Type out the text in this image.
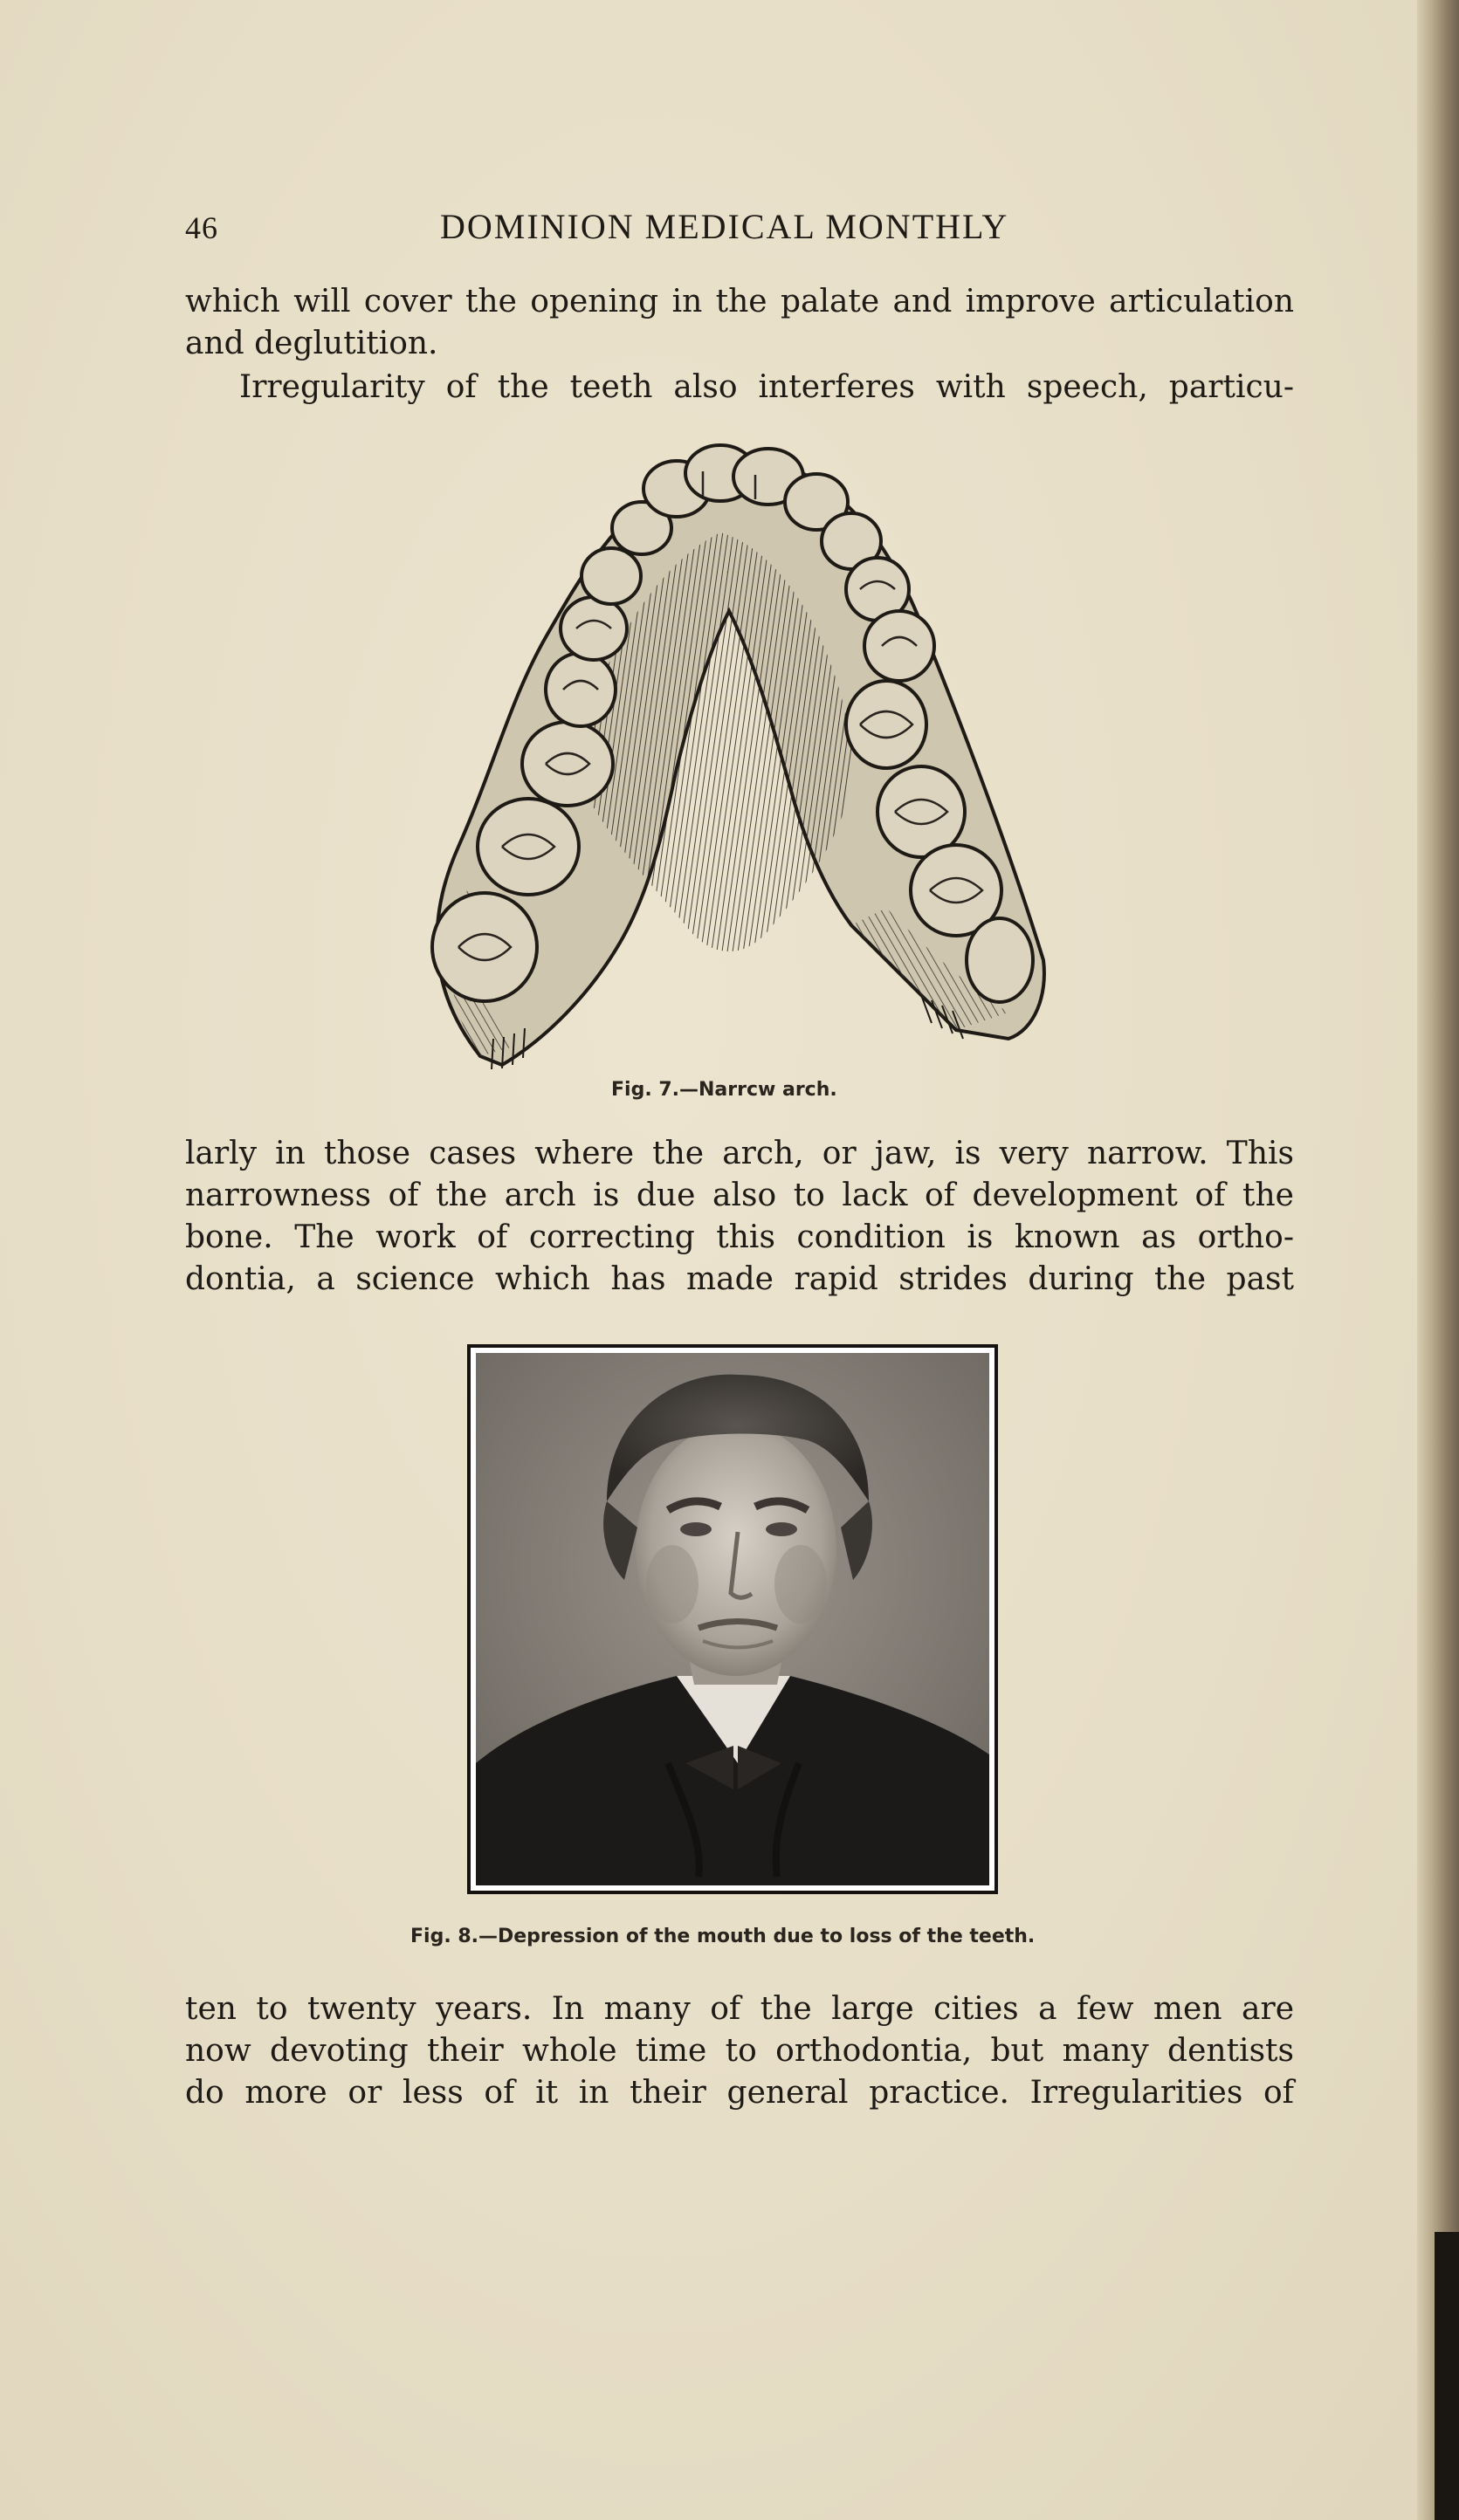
46	DOMINION MEDICAL MONTHLY
which will cover the opening in the palate and improve articulation
and deglutition.
Irregularity of the teeth also interferes with speech, particu-
Fig. 7.—Narrcw arch.
larly in those cases where the arch, or jaw, is very narrow. This
narrowness of the arch is due also to lack of development of the
bone. The work of correcting this condition is known as ortho-
dontia, a science which has made rapid strides during the past
Fig. 8.—Depression of the mouth due to loss of the teeth.
ten to twenty years. In many of the large cities a few men are
now devoting their whole time to orthodontia, but many dentists
do more or less of it in their general practice. Irregularities of
